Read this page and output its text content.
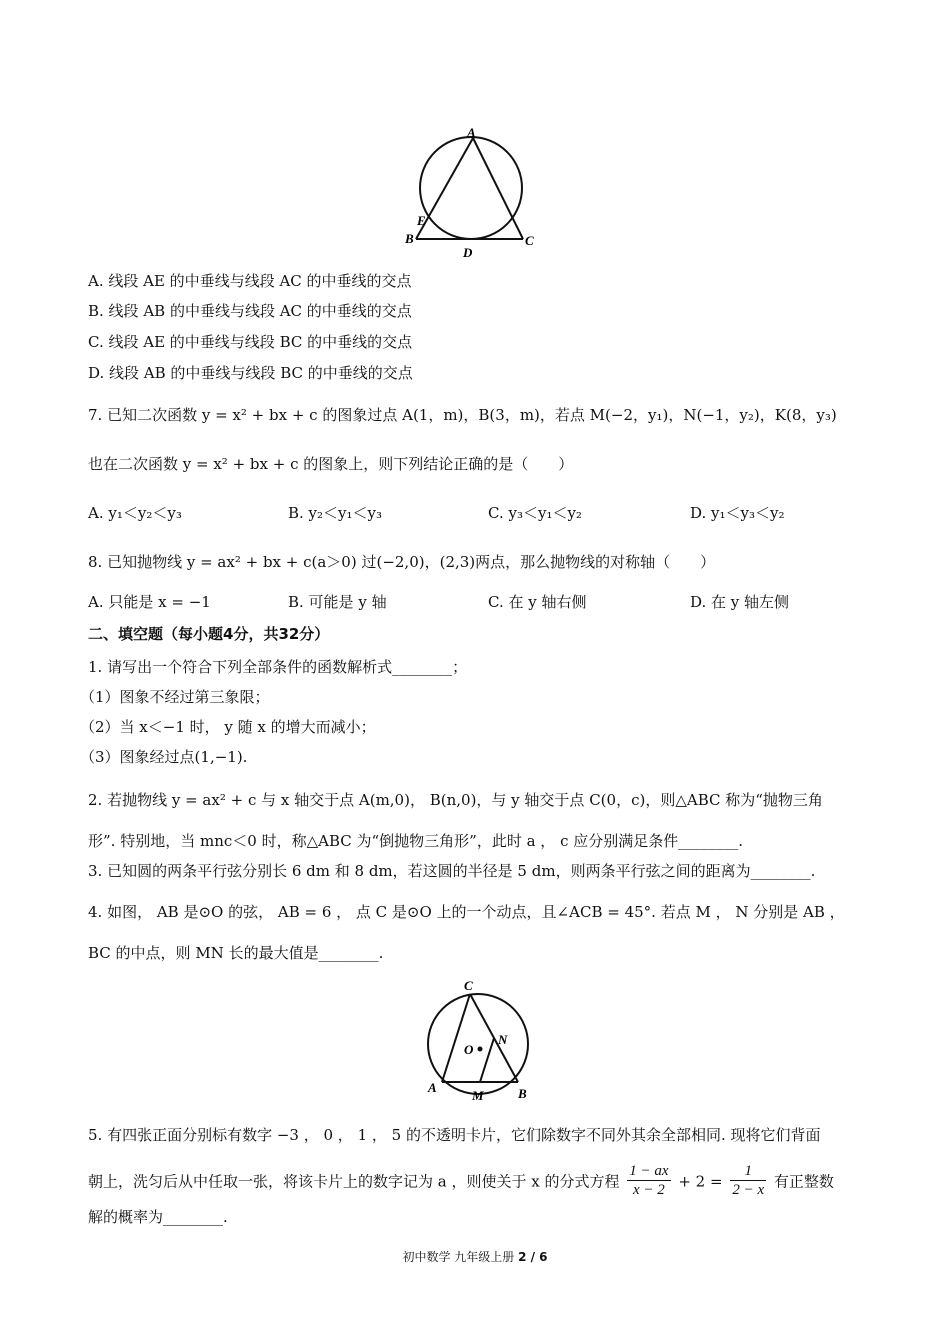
A
E
B	C
D
A. 线段 AE 的中垂线与线段 AC 的中垂线的交点
B. 线段 AB 的中垂线与线段 AC 的中垂线的交点
C. 线段 AE 的中垂线与线段 BC 的中垂线的交点
D. 线段 AB 的中垂线与线段 BC 的中垂线的交点
7. 已知二次函数 y = x² + bx + c 的图象过点 A(1，m)，B(3，m)，若点 M(−2，y₁)，N(−1，y₂)，K(8，y₃)
也在二次函数 y = x² + bx + c 的图象上，则下列结论正确的是（　　）
A. y₁＜y₂＜y₃	B. y₂＜y₁＜y₃	C. y₃＜y₁＜y₂	D. y₁＜y₃＜y₂
8. 已知抛物线 y = ax² + bx + c(a＞0) 过(−2,0)，(2,3)两点，那么抛物线的对称轴（　　）
A. 只能是 x = −1	B. 可能是 y 轴	C. 在 y 轴右侧	D. 在 y 轴左侧
二、填空题（每小题4分，共32分）
1. 请写出一个符合下列全部条件的函数解析式________；
（1）图象不经过第三象限；
（2）当 x＜−1 时， y 随 x 的增大而减小；
（3）图象经过点(1,−1).
2. 若抛物线 y = ax² + c 与 x 轴交于点 A(m,0)， B(n,0)，与 y 轴交于点 C(0，c)，则△ABC 称为“抛物三角
形”. 特别地，当 mnc＜0 时，称△ABC 为“倒抛物三角形”，此时 a ， c 应分别满足条件________.
3. 已知圆的两条平行弦分别长 6 dm 和 8 dm，若这圆的半径是 5 dm，则两条平行弦之间的距离为________.
4. 如图， AB 是⊙O 的弦， AB = 6 ， 点 C 是⊙O 上的一个动点，且∠ACB = 45°. 若点 M ， N 分别是 AB ，
BC 的中点，则 MN 长的最大值是________.
C
O
N
A
M	B
5. 有四张正面分别标有数字 −3 ， 0 ， 1 ， 5 的不透明卡片，它们除数字不同外其余全部相同. 现将它们背面
朝上，洗匀后从中任取一张，将该卡片上的数字记为 a ，则使关于 x 的分式方程 $\frac{1 - ax}{x - 2} + 2 = \frac{1}{2 - x}$ 有正整数
解的概率为________.
初中数学 九年级上册 2 / 6
